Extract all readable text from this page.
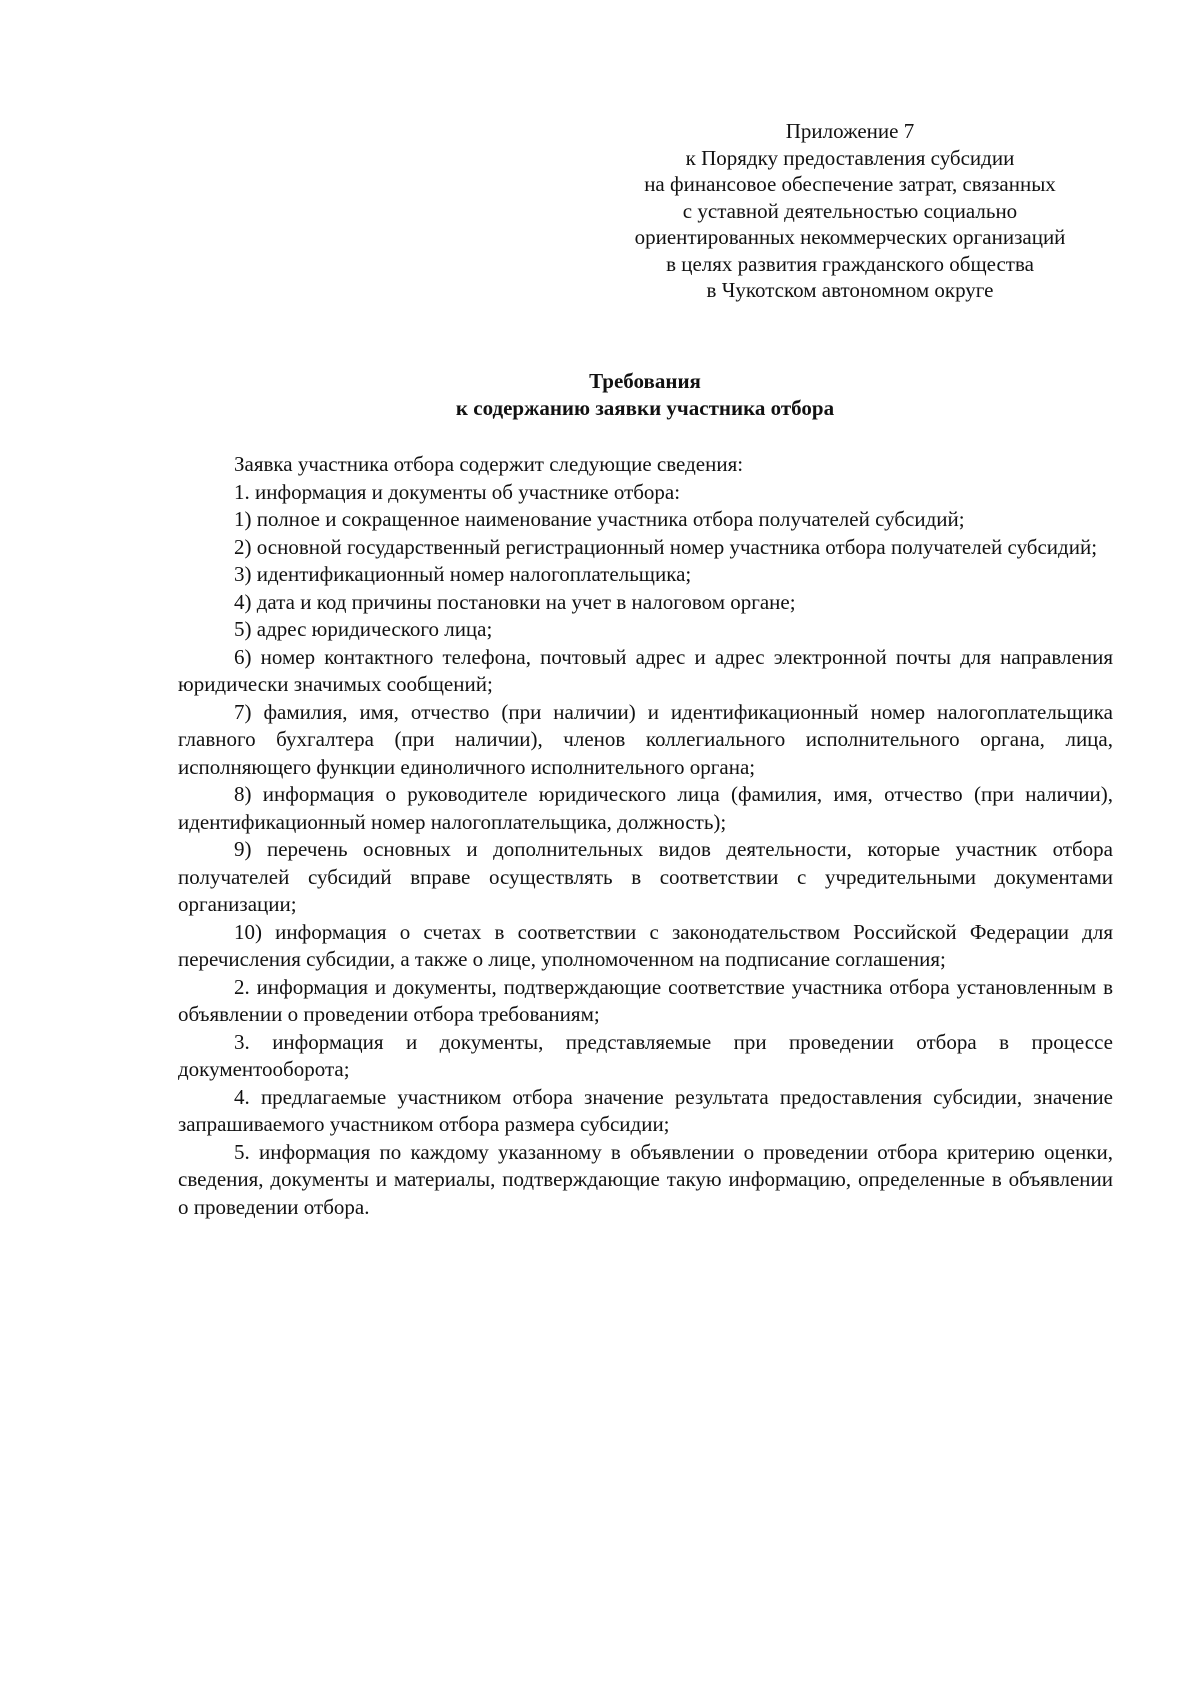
Приложение 7
к Порядку предоставления субсидии
на финансовое обеспечение затрат, связанных
с уставной деятельностью социально
ориентированных некоммерческих организаций
в целях развития гражданского общества
в Чукотском автономном округе
Требования
к содержанию заявки участника отбора

Заявка участника отбора содержит следующие сведения:

1. информация и документы об участнике отбора:

1) полное и сокращенное наименование участника отбора получателей субсидий;

2) основной государственный регистрационный номер участника отбора получателей субсидий;

3) идентификационный номер налогоплательщика;

4) дата и код причины постановки на учет в налоговом органе;

5) адрес юридического лица;

6) номер контактного телефона, почтовый адрес и адрес электронной почты для направления юридически значимых сообщений;

7) фамилия, имя, отчество (при наличии) и идентификационный номер налогоплательщика главного бухгалтера (при наличии), членов коллегиального исполнительного органа, лица, исполняющего функции единоличного исполнительного органа;

8) информация о руководителе юридического лица (фамилия, имя, отчество (при наличии), идентификационный номер налогоплательщика, должность);

9) перечень основных и дополнительных видов деятельности, которые участник отбора получателей субсидий вправе осуществлять в соответствии с учредительными документами организации;

10) информация о счетах в соответствии с законодательством Российской Федерации для перечисления субсидии, а также о лице, уполномоченном на подписание соглашения;

2. информация и документы, подтверждающие соответствие участника отбора установленным в объявлении о проведении отбора требованиям;

3. информация и документы, представляемые при проведении отбора в процессе документооборота;

4. предлагаемые участником отбора значение результата предоставления субсидии, значение запрашиваемого участником отбора размера субсидии;

5. информация по каждому указанному в объявлении о проведении отбора критерию оценки, сведения, документы и материалы, подтверждающие такую информацию, определенные в объявлении о проведении отбора.
